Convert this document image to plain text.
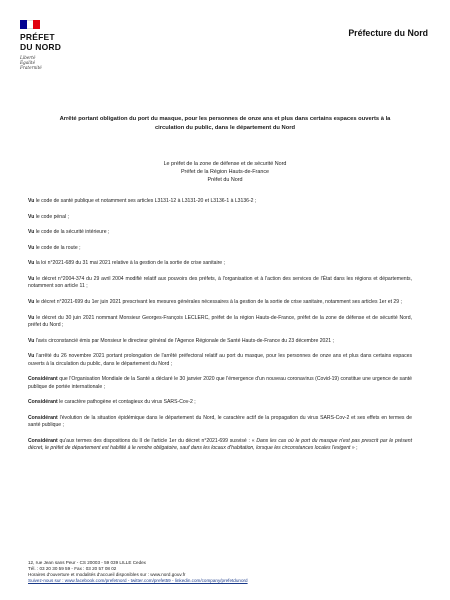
PRÉFET
DU NORD
Liberté
Égalité
Fraternité
Préfecture du Nord
Arrêté portant obligation du port du masque, pour les personnes de onze ans et plus dans certains espaces ouverts à la circulation du public, dans le département du Nord
Le préfet de la zone de défense et de sécurité Nord
Préfet de la Région Hauts-de-France
Préfet du Nord

Vu le code de santé publique et notamment ses articles L3131-12 à L3131-20 et L3136-1 à L3136-2 ;

Vu le code pénal ;

Vu le code de la sécurité intérieure ;

Vu le code de la route ;

Vu la loi n°2021-689 du 31 mai 2021 relative à la gestion de la sortie de crise sanitaire ;

Vu le décret n°2004-374 du 29 avril 2004 modifié relatif aux pouvoirs des préfets, à l'organisation et à l'action des services de l'État dans les régions et départements, notamment son article 11 ;

Vu le décret n°2021-699 du 1er juin 2021 prescrivant les mesures générales nécessaires à la gestion de la sortie de crise sanitaire, notamment ses articles 1er et 29 ;

Vu le décret du 30 juin 2021 nommant Monsieur Georges-François LECLERC, préfet de la région Hauts-de-France, préfet de la zone de défense et de sécurité Nord, préfet du Nord ;

Vu l'avis circonstancié émis par Monsieur le directeur général de l'Agence Régionale de Santé Hauts-de-France du 23 décembre 2021 ;

Vu l'arrêté du 26 novembre 2021 portant prolongation de l'arrêté préfectoral relatif au port du masque, pour les personnes de onze ans et plus dans certains espaces ouverts à la circulation du public, dans le département du Nord ;

Considérant que l'Organisation Mondiale de la Santé a déclaré le 30 janvier 2020 que l'émergence d'un nouveau coronavirus (Covid-19) constitue une urgence de santé publique de portée internationale ;

Considérant le caractère pathogène et contagieux du virus SARS-Cov-2 ;

Considérant l'évolution de la situation épidémique dans le département du Nord, le caractère actif de la propagation du virus SARS-Cov-2 et ses effets en termes de santé publique ;

Considérant qu'aux termes des dispositions du II de l'article 1er du décret n°2021-699 susvisé : « Dans les cas où le port du masque n'est pas prescrit par le présent décret, le préfet de département est habilité à le rendre obligatoire, sauf dans les locaux d'habitation, lorsque les circonstances locales l'exigent » ;

12, rue Jean sans Peur - CS 20003 - 59 039 LILLE Cedex
Tél. : 03 20 30 59 59 - Fax : 03 20 57 08 02
Horaires d'ouverture et modalités d'accueil disponibles sur : www.nord.gouv.fr
Suivez-nous sur : www.facebook.com/prefetnord - twitter.com/prefet59 - linkedin.com/company/prefetdunord
